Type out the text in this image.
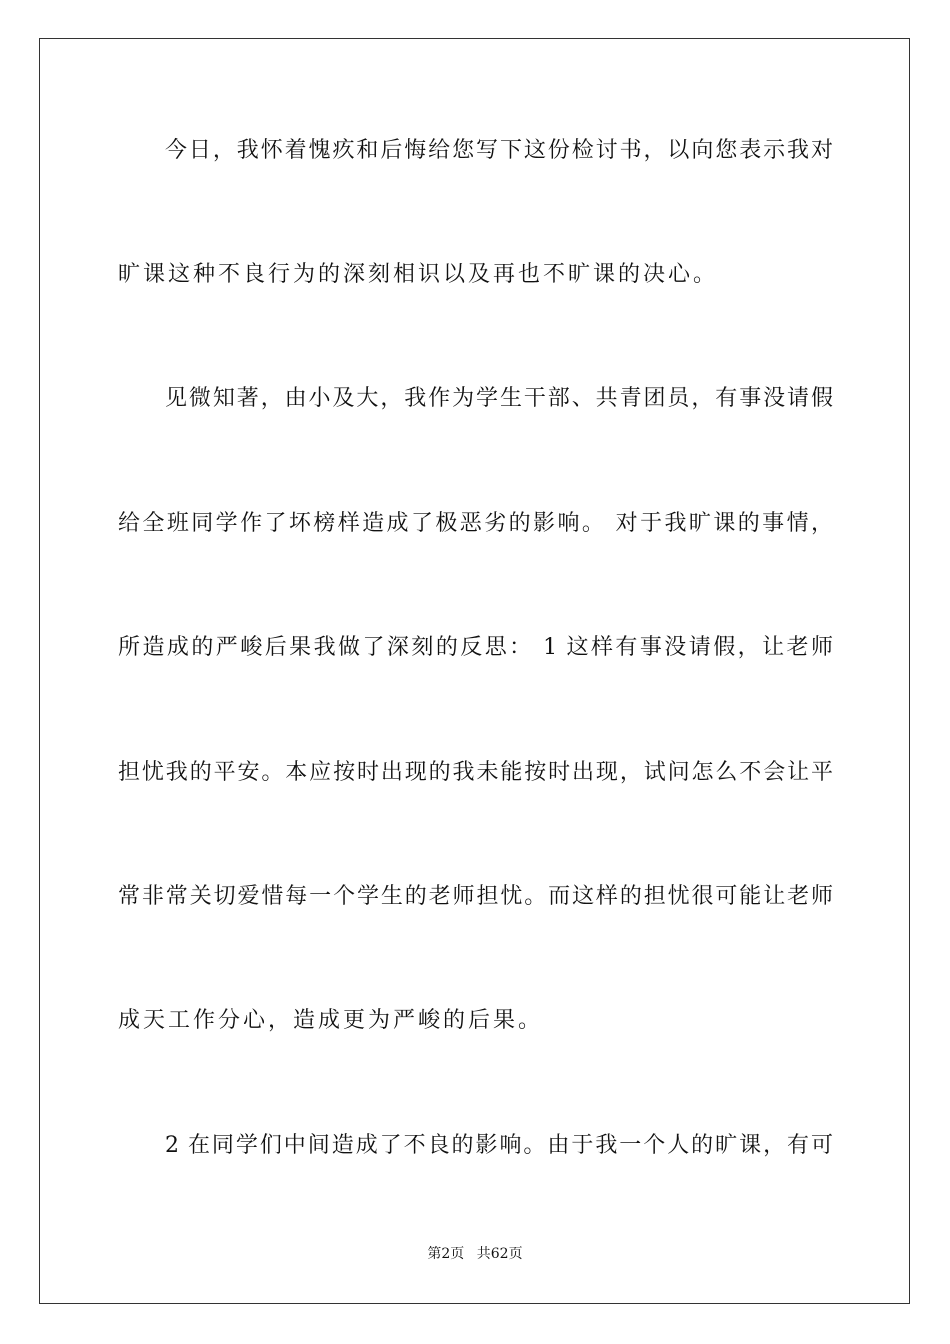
今日，我怀着愧疚和后悔给您写下这份检讨书，以向您表示我对
旷课这种不良行为的深刻相识以及再也不旷课的决心。
见微知著，由小及大，我作为学生干部、共青团员，有事没请假
给全班同学作了坏榜样造成了极恶劣的影响。 对于我旷课的事情，
所造成的严峻后果我做了深刻的反思： 1 这样有事没请假，让老师
担忧我的平安。本应按时出现的我未能按时出现，试问怎么不会让平
常非常关切爱惜每一个学生的老师担忧。而这样的担忧很可能让老师
成天工作分心，造成更为严峻的后果。
2 在同学们中间造成了不良的影响。由于我一个人的旷课，有可
第2页 共62页
